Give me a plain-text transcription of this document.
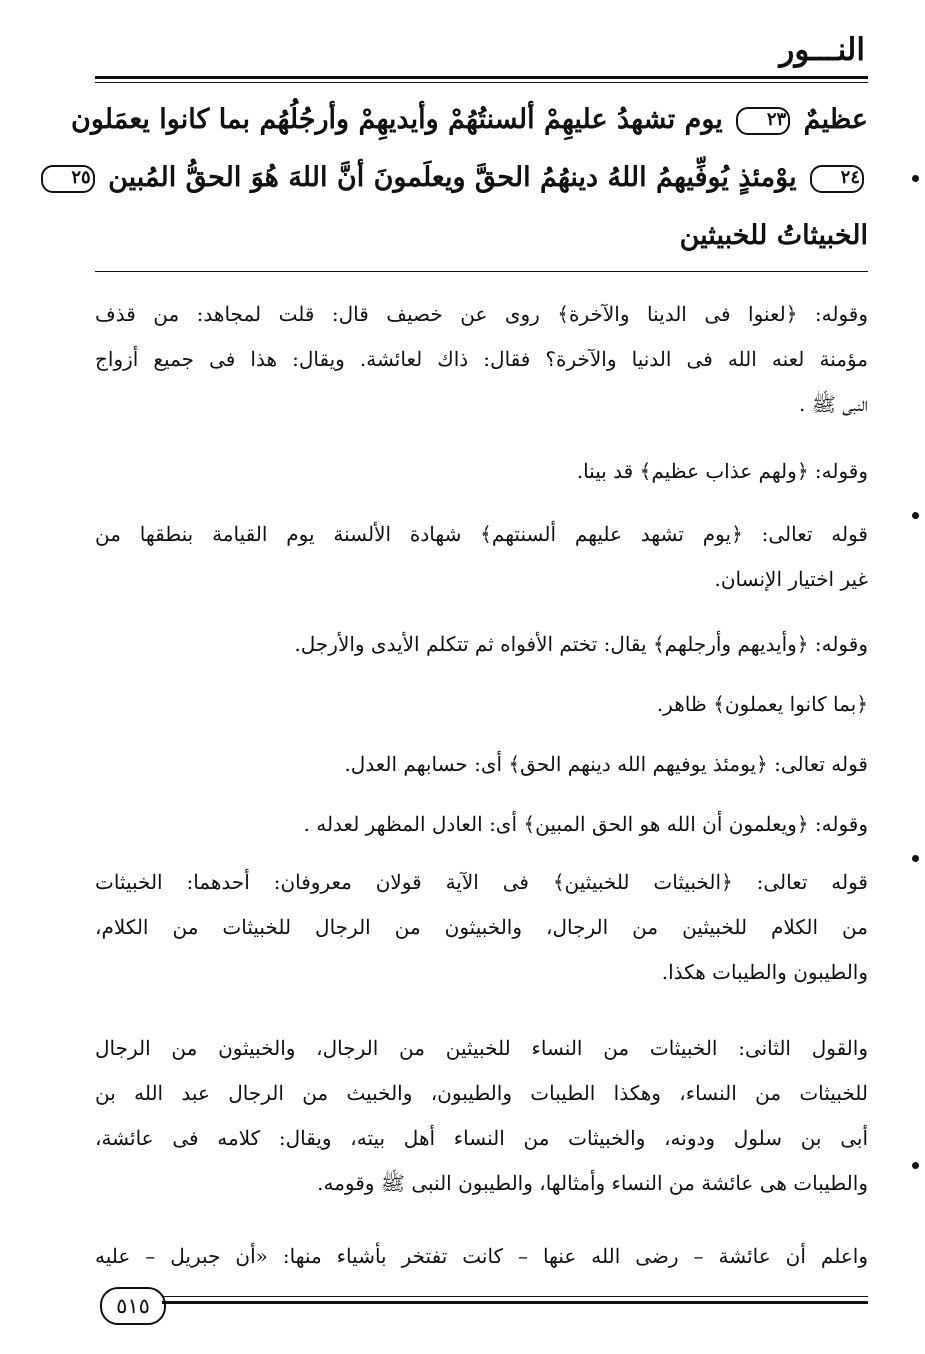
النـــور
عظيمٌ ٢٣ يوم تشهدُ عليهِمْ ألسنتُهُمْ وأيديهِمْ وأرجُلُهُم بما كانوا يعمَلون
٢٤ يوْمئذٍ يُوفِّيهمُ اللهُ دينهُمُ الحقَّ ويعلَمونَ أنَّ اللهَ هُوَ الحقُّ المُبين ٢٥
الخبيثاتُ للخبيثين
وقوله: ﴿لعنوا فى الدينا والآخرة﴾ روى عن خصيف قال: قلت لمجاهد: من قذف
مؤمنة لعنه الله فى الدنيا والآخرة؟ فقال: ذاك لعائشة. ويقال: هذا فى جميع أزواج
النبى ﷺ .
وقوله: ﴿ولهم عذاب عظيم﴾ قد بينا.
قوله تعالى: ﴿يوم تشهد عليهم ألسنتهم﴾ شهادة الألسنة يوم القيامة بنطقها من
غير اختيار الإنسان.
وقوله: ﴿وأيديهم وأرجلهم﴾ يقال: تختم الأفواه ثم تتكلم الأيدى والأرجل.
﴿بما كانوا يعملون﴾ ظاهر.
قوله تعالى: ﴿يومئذ يوفيهم الله دينهم الحق﴾ أى: حسابهم العدل.
وقوله: ﴿ويعلمون أن الله هو الحق المبين﴾ أى: العادل المظهر لعدله .
قوله تعالى: ﴿الخبيثات للخبيثين﴾ فى الآية قولان معروفان: أحدهما: الخبيثات
من الكلام للخبيثين من الرجال، والخبيثون من الرجال للخبيثات من الكلام،
والطيبون والطيبات هكذا.
والقول الثانى: الخبيثات من النساء للخبيثين من الرجال، والخبيثون من الرجال
للخبيثات من النساء، وهكذا الطيبات والطيبون، والخبيث من الرجال عبد الله بن
أبى بن سلول ودونه، والخبيثات من النساء أهل بيته، ويقال: كلامه فى عائشة،
والطيبات هى عائشة من النساء وأمثالها، والطيبون النبى ﷺ وقومه.
واعلم أن عائشة – رضى الله عنها – كانت تفتخر بأشياء منها: «أن جبريل – عليه
٥١٥
